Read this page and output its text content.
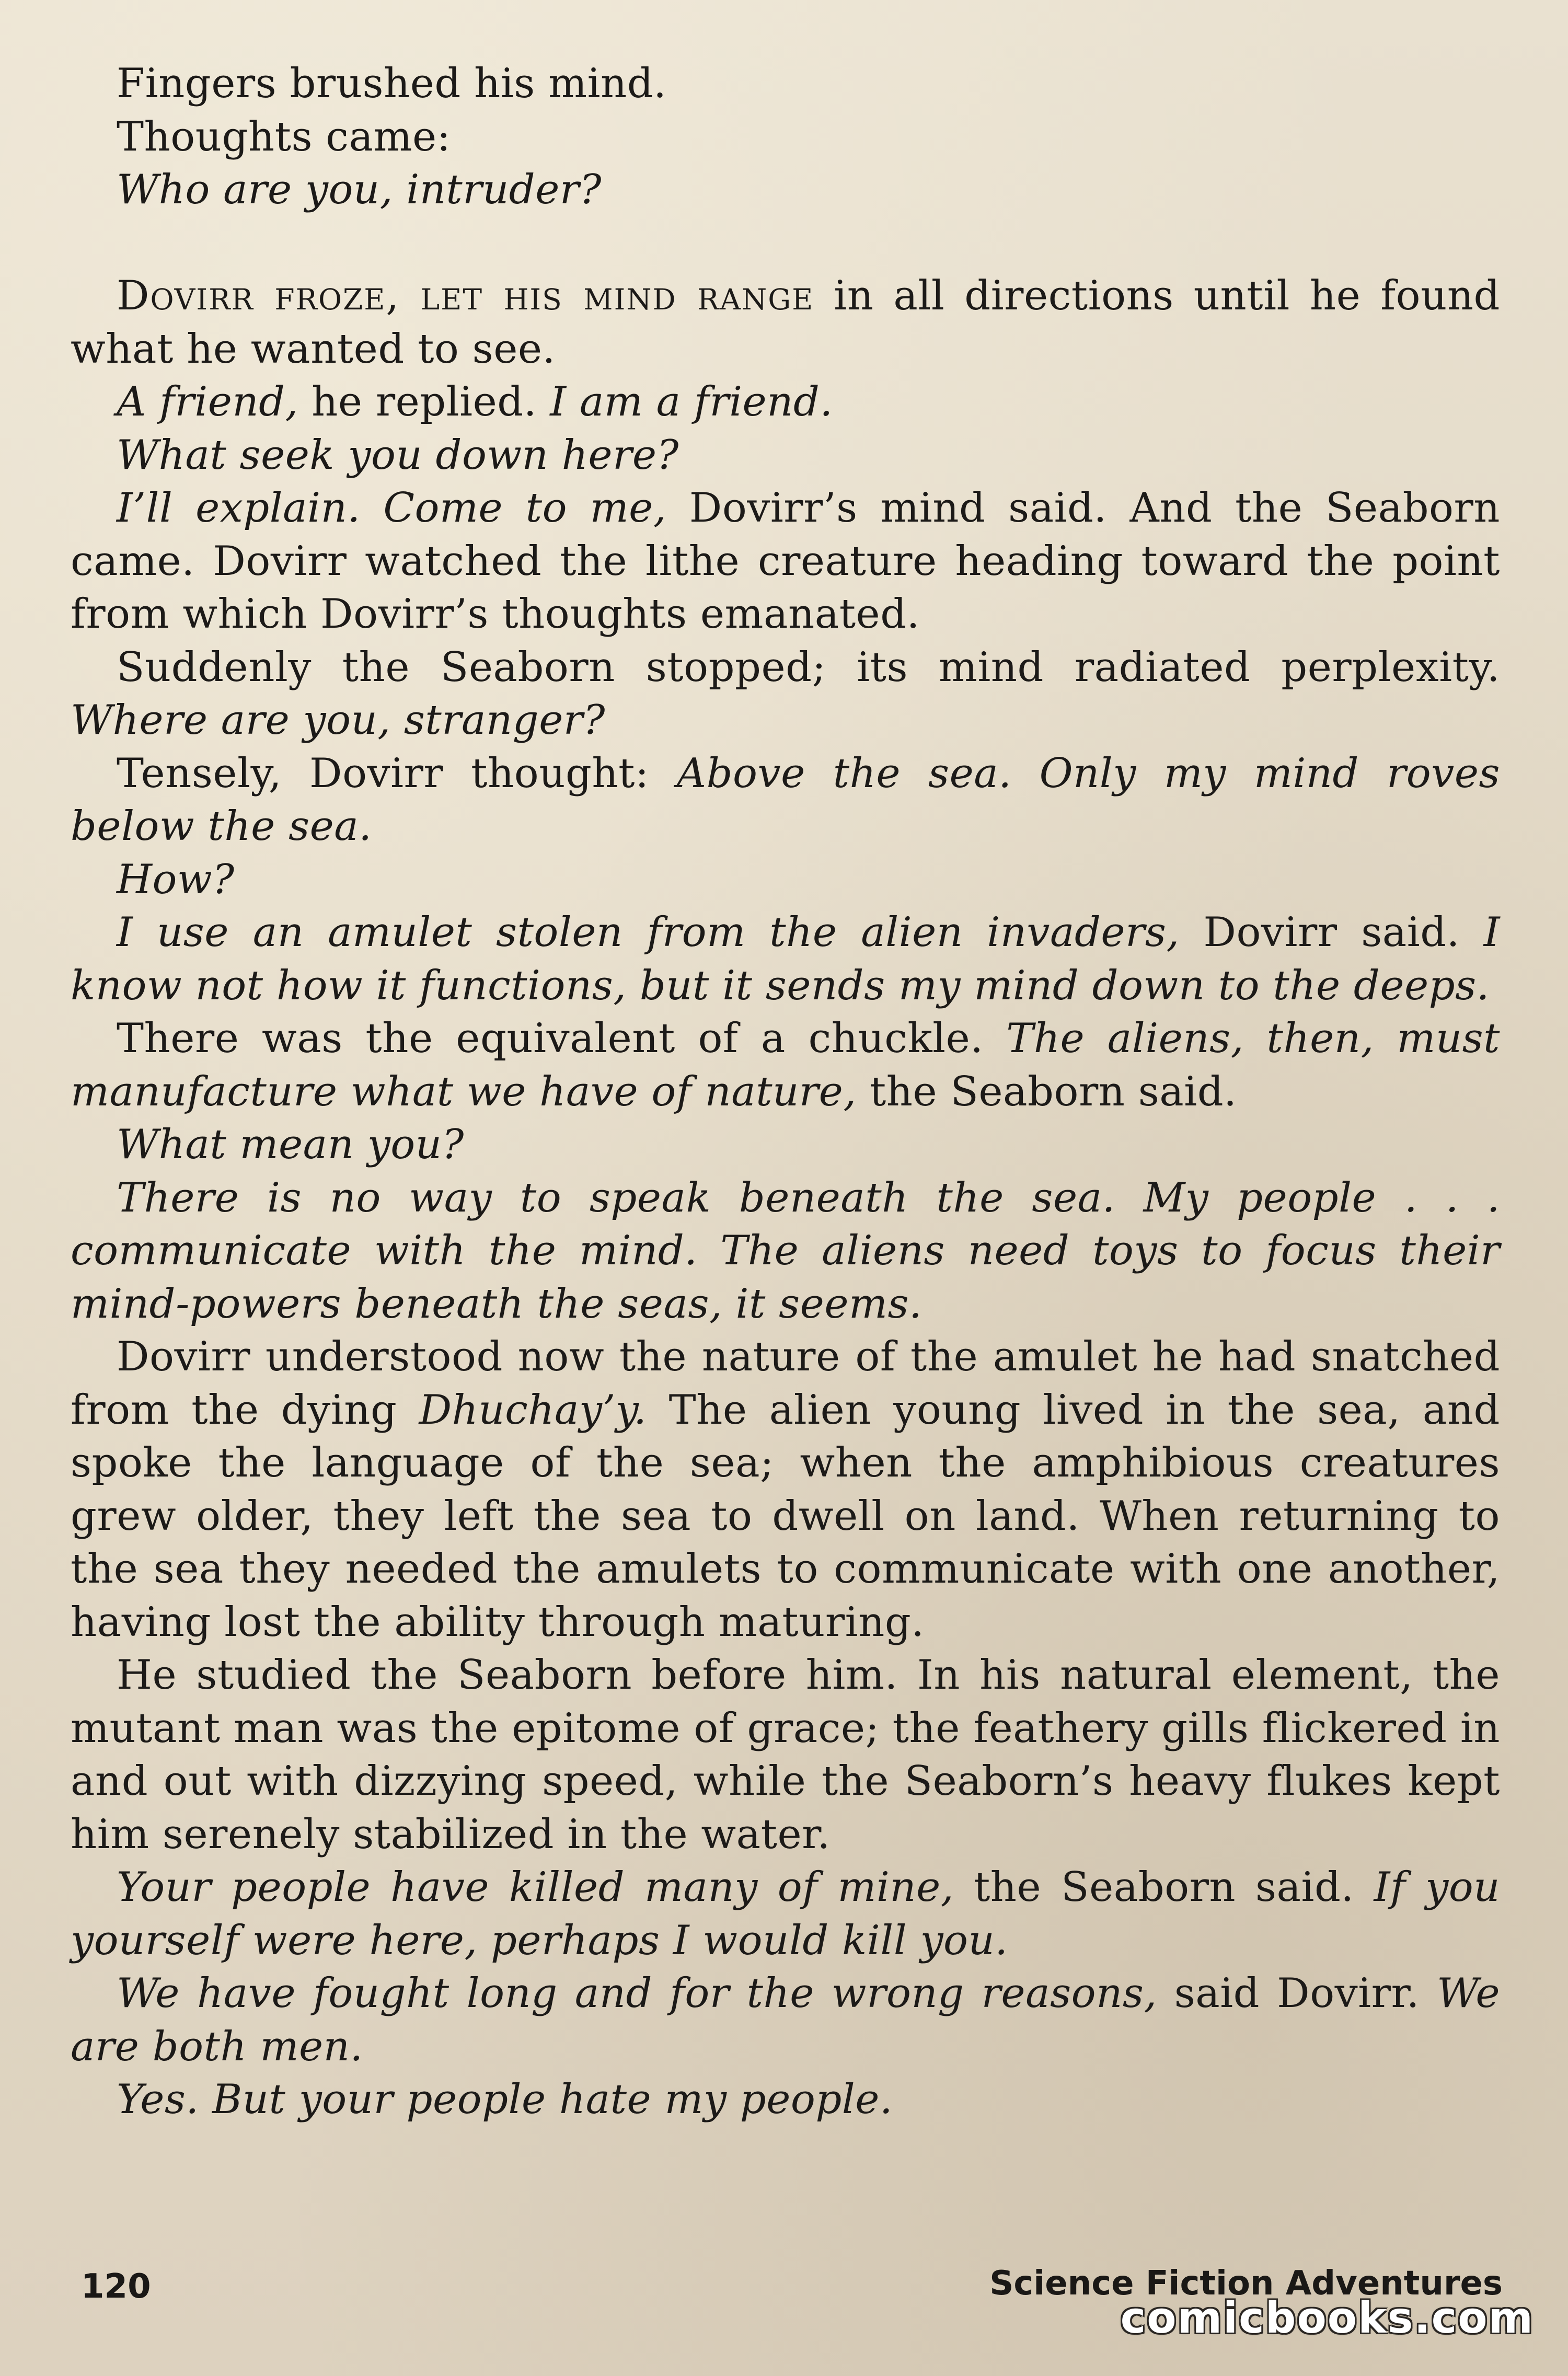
Fingers brushed his mind.

Thoughts came:

Who are you, intruder?

Dovirr froze, let his mind range in all directions until he found what he wanted to see.

A friend, he replied. I am a friend.

What seek you down here?

I’ll explain. Come to me, Dovirr’s mind said. And the Seaborn came. Dovirr watched the lithe creature heading toward the point from which Dovirr’s thoughts emanated.

Suddenly the Seaborn stopped; its mind radiated perplexity. Where are you, stranger?

Tensely, Dovirr thought: Above the sea. Only my mind roves below the sea.

How?

I use an amulet stolen from the alien invaders, Dovirr said. I know not how it functions, but it sends my mind down to the deeps.

There was the equivalent of a chuckle. The aliens, then, must manufacture what we have of nature, the Seaborn said.

What mean you?

There is no way to speak beneath the sea. My people . . . communicate with the mind. The aliens need toys to focus their mind-powers beneath the seas, it seems.

Dovirr understood now the nature of the amulet he had snatched from the dying Dhuchay’y. The alien young lived in the sea, and spoke the language of the sea; when the amphibious creatures grew older, they left the sea to dwell on land. When returning to the sea they needed the amulets to communicate with one another, having lost the ability through maturing.

He studied the Seaborn before him. In his natural element, the mutant man was the epitome of grace; the feathery gills flickered in and out with dizzying speed, while the Seaborn’s heavy flukes kept him serenely stabilized in the water.

Your people have killed many of mine, the Seaborn said. If you yourself were here, perhaps I would kill you.

We have fought long and for the wrong reasons, said Dovirr. We are both men.

Yes. But your people hate my people.

120	Science Fiction Adventures
comicbooks.com
